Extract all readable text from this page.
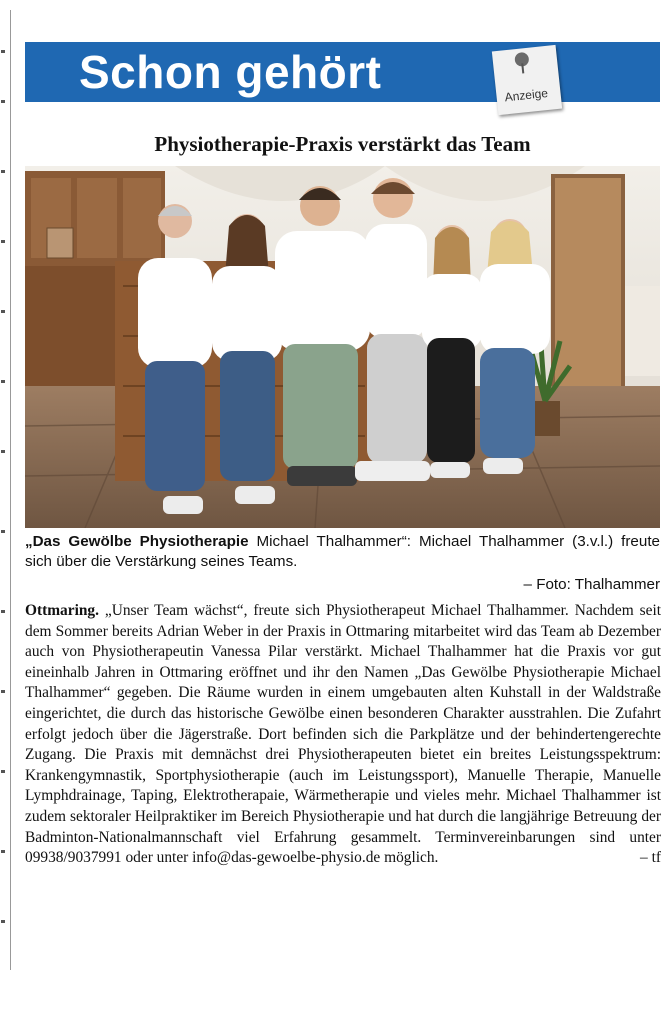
Schon gehört	Anzeige
Physiotherapie-Praxis verstärkt das Team
„Das Gewölbe Physiotherapie Michael Thalhammer“: Michael Thalhammer (3.v.l.) freute sich über die Verstärkung seines Teams.
– Foto: Thalhammer
Ottmaring. „Unser Team wächst“, freute sich Physiotherapeut Michael Thalhammer. Nachdem seit dem Sommer bereits Adrian Weber in der Praxis in Ottmaring mitarbeitet wird das Team ab Dezember auch von Physiotherapeutin Vanessa Pilar verstärkt. Michael Thalhammer hat die Praxis vor gut eineinhalb Jahren in Ottmaring eröffnet und ihr den Namen „Das Gewölbe Physiotherapie Michael Thalhammer“ gegeben. Die Räume wurden in einem umgebauten alten Kuhstall in der Waldstraße eingerichtet, die durch das historische Gewölbe einen besonderen Charakter ausstrahlen. Die Zufahrt erfolgt jedoch über die Jägerstraße. Dort befinden sich die Parkplätze und der behindertengerechte Zugang. Die Praxis mit demnächst drei Physiotherapeuten bietet ein breites Leistungsspektrum: Krankengymnastik, Sportphysiotherapie (auch im Leistungssport), Manuelle Therapie, Manuelle Lymphdrainage, Taping, Elektrotherapaie, Wärmetherapie und vieles mehr. Michael Thalhammer ist zudem sektoraler Heilpraktiker im Bereich Physiotherapie und hat durch die langjährige Betreuung der Badminton-Nationalmannschaft viel Erfahrung gesammelt. Terminvereinbarungen sind unter 09938/9037991 oder unter info@das-gewoelbe-physio.de möglich.	– tf
